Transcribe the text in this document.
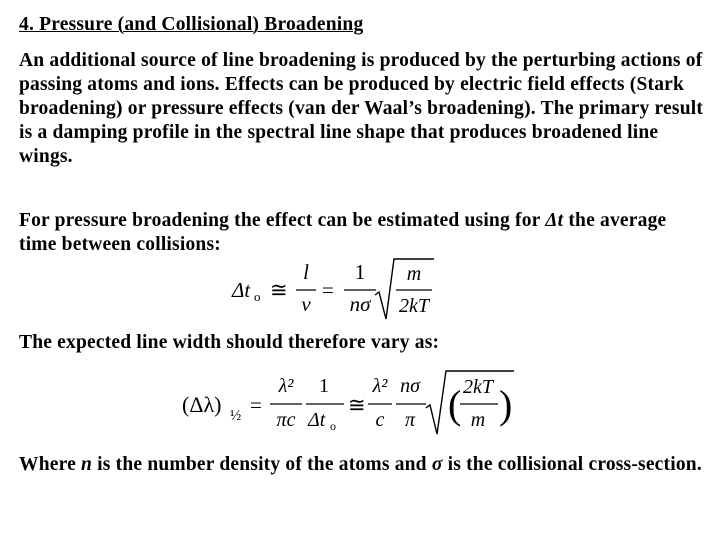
4. Pressure (and Collisional) Broadening
An additional source of line broadening is produced by the perturbing actions of passing atoms and ions. Effects can be produced by electric field effects (Stark broadening) or pressure effects (van der Waal’s broadening). The primary result is a damping profile in the spectral line shape that produces broadened line wings.
For pressure broadening the effect can be estimated using for Δt the average time between collisions:
Δt o ≅
l
v
=
1
nσ
m
2kT
The expected line width should therefore vary as:
(Δλ) ½ =
λ²
πc
1
Δt o
≅
λ²
c
nσ
π ( 2kT
m )
Where n is the number density of the atoms and σ is the collisional cross-section.
